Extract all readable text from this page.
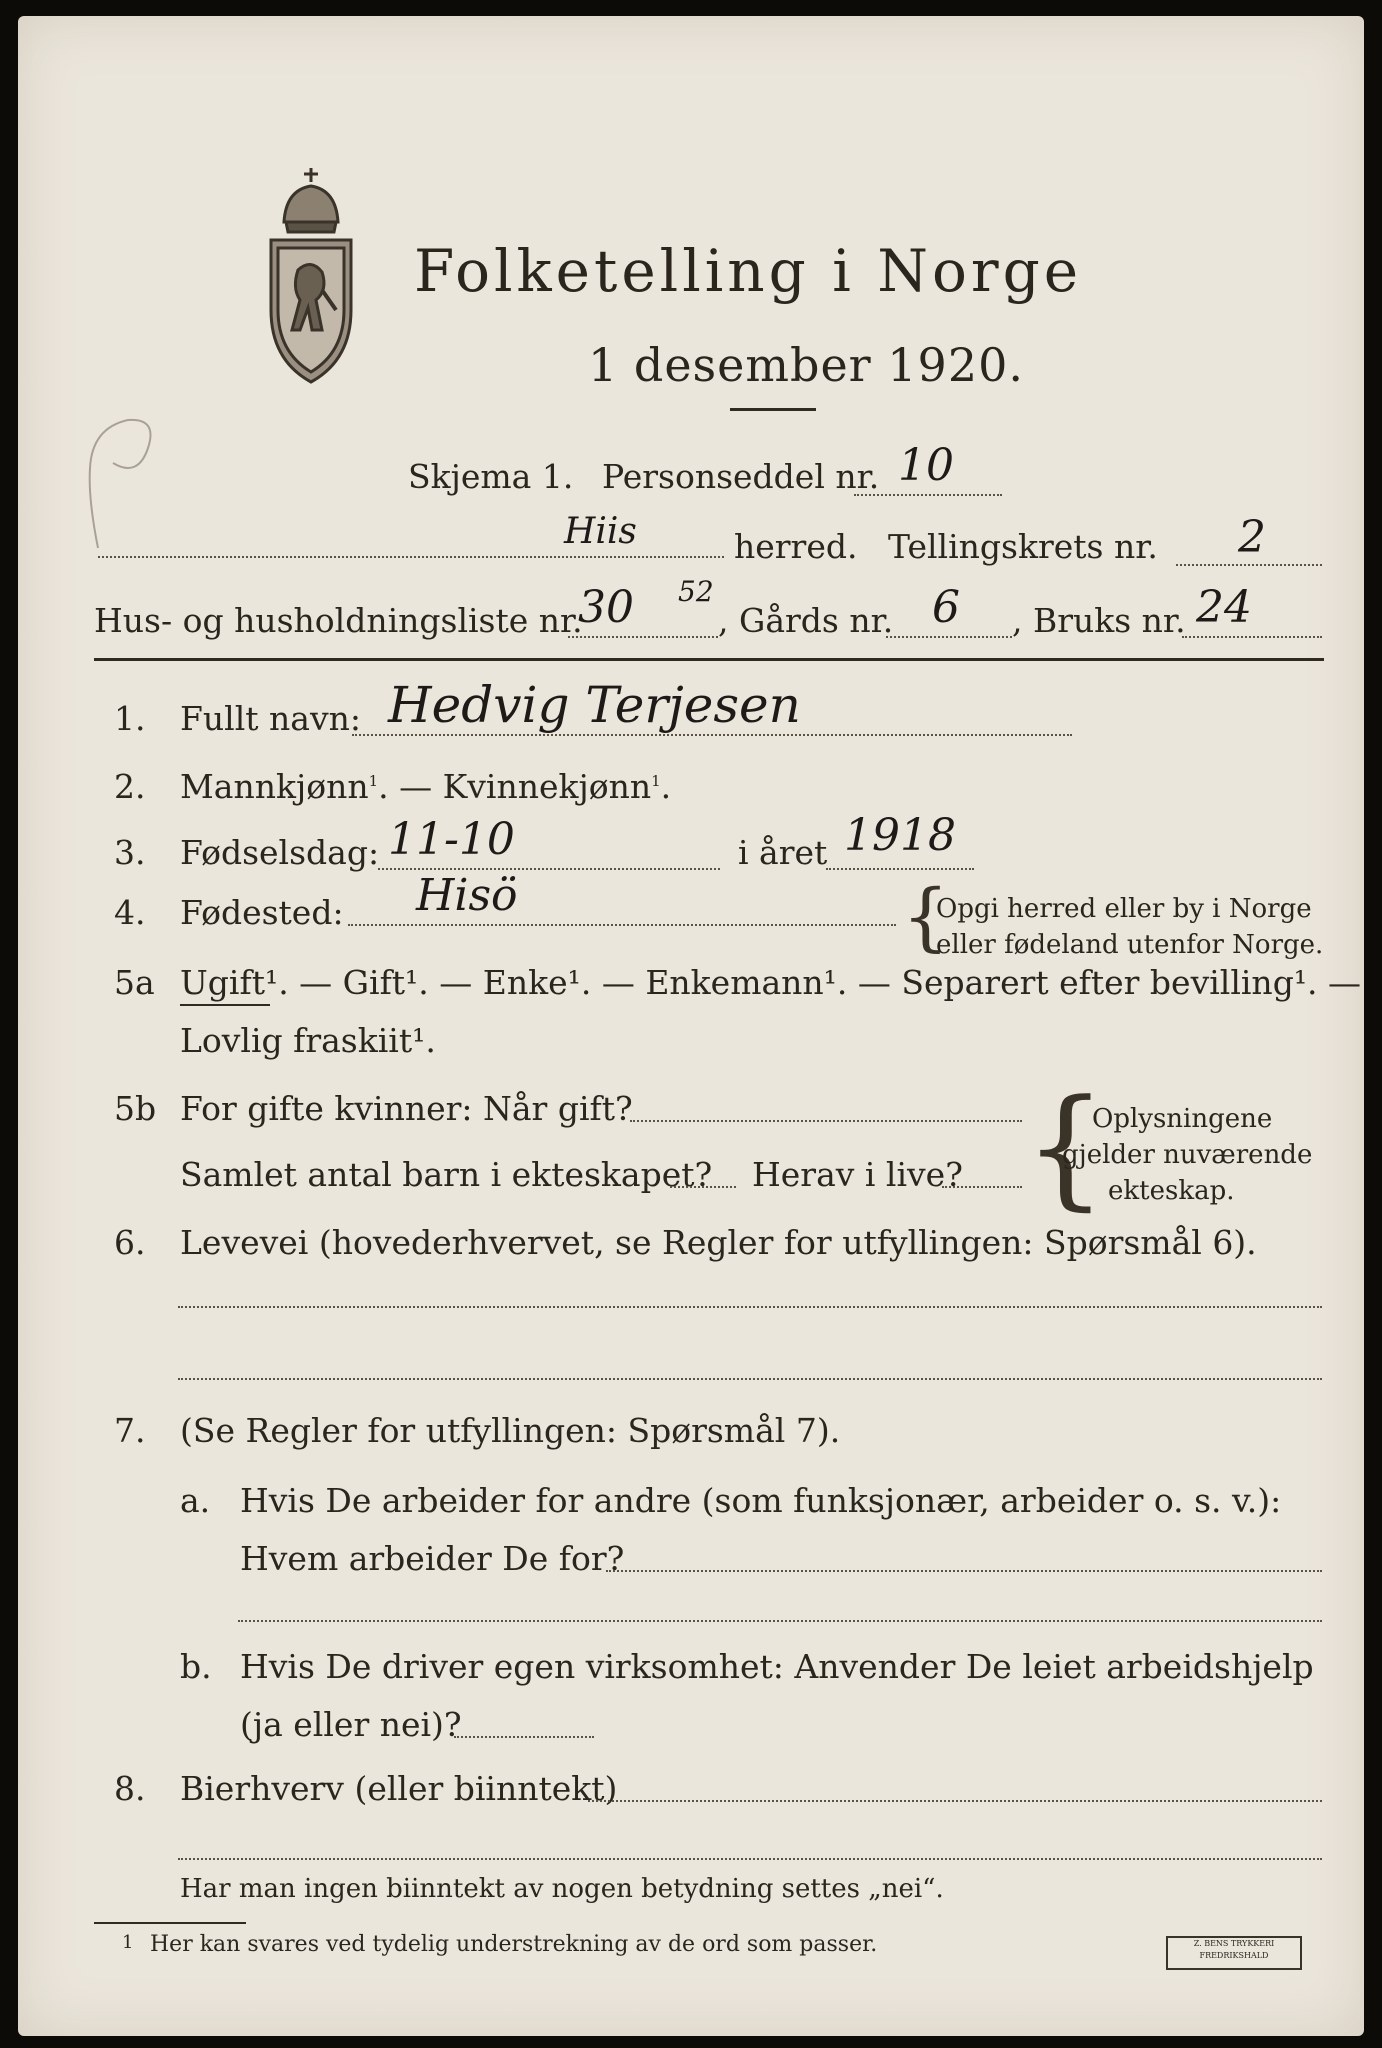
Folketelling i Norge
1 desember 1920.
Skjema 1. Personseddel nr. 10
Hiis	herred. Tellingskrets nr. 2
Hus- og husholdningsliste nr.
30 52
, Gårds nr. 6 , Bruks nr. 24
1. Fullt navn: Hedvig Terjesen
2. Mannkjønn$^1$. — Kvinnekjønn$^1$.
3. Fødselsdag: 11-10	i året 1918
4. Fødested: Hisö	{
Opgi herred eller by i Norge
eller fødeland utenfor Norge.
5a Ugift¹. — Gift¹. — Enke¹. — Enkemann¹. — Separert efter bevilling¹. —
Lovlig fraskiit¹.
5b For gifte kvinner: Når gift?
Samlet antal barn i ekteskapet? Herav i live? {
Oplysningene
gjelder nuværende
ekteskap.
6. Levevei (hovederhvervet, se Regler for utfyllingen: Spørsmål 6).
7. (Se Regler for utfyllingen: Spørsmål 7).
a. Hvis De arbeider for andre (som funksjonær, arbeider o. s. v.):
Hvem arbeider De for?
b. Hvis De driver egen virksomhet: Anvender De leiet arbeidshjelp
(ja eller nei)?
8. Bierhverv (eller biinntekt)
Har man ingen biinntekt av nogen betydning settes „nei“.
1 Her kan svares ved tydelig understrekning av de ord som passer.	Z. BENS TRYKKERI
FREDRIKSHALD
